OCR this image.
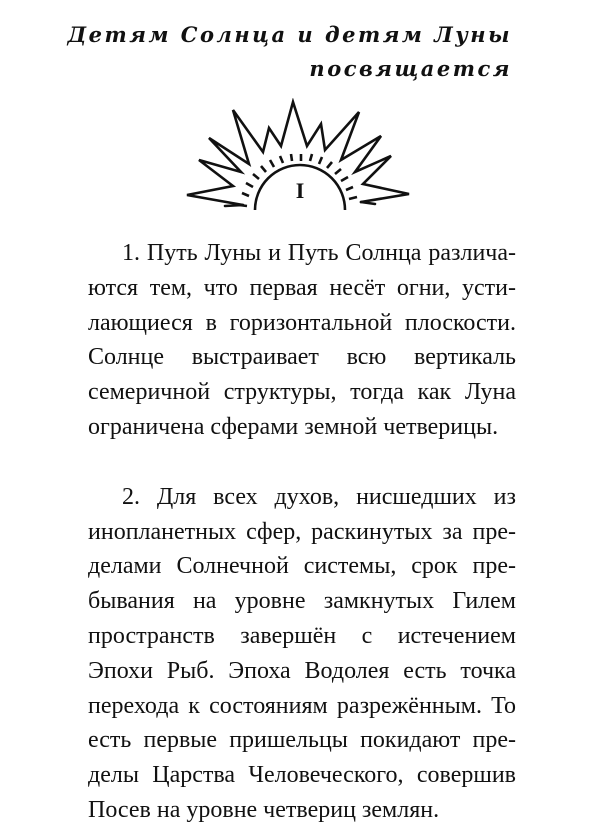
Детям Солнца и детям Луны
посвящается
I
1. Путь Луны и Путь Солнца различа-
ются тем, что первая несёт огни, усти-
лающиеся в горизонтальной плоскости.
Солнце выстраивает всю вертикаль
семеричной структуры, тогда как Луна
ограничена сферами земной четверицы.
2. Для всех духов, нисшедших из
инопланетных сфер, раскинутых за пре-
делами Солнечной системы, срок пре-
бывания на уровне замкнутых Гилем
пространств завершён с истечением
Эпохи Рыб. Эпоха Водолея есть точка
перехода к состояниям разрежённым. То
есть первые пришельцы покидают пре-
делы Царства Человеческого, совершив
Посев на уровне четвериц землян.
